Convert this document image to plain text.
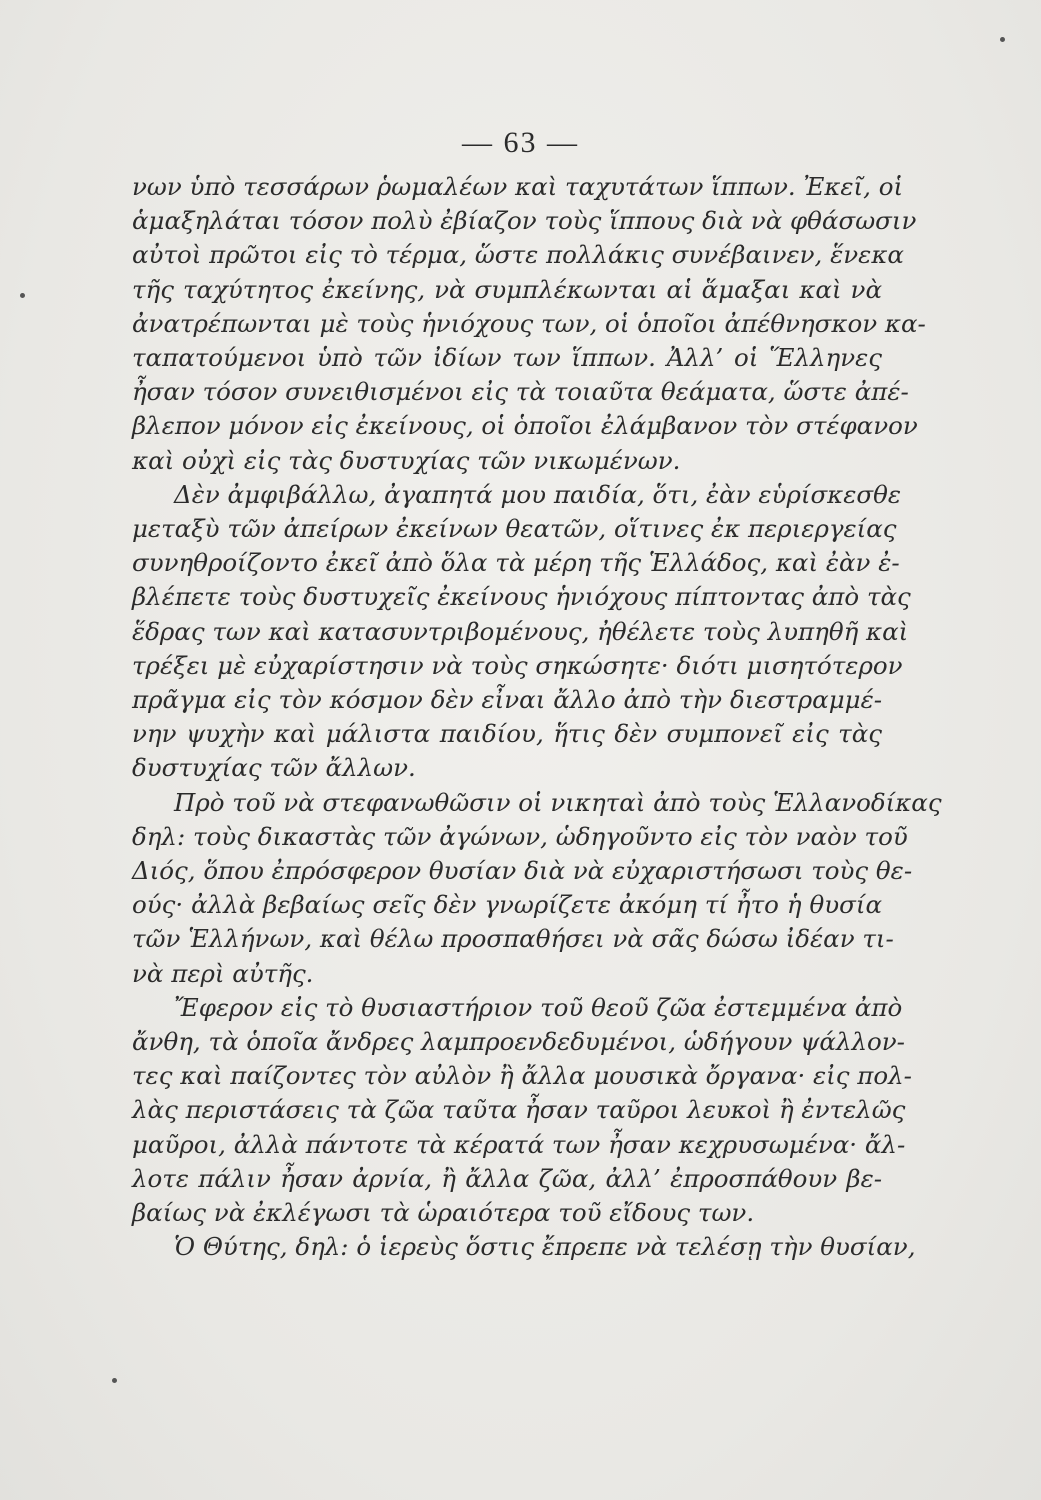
— 63 —
νων ὑπὸ τεσσάρων ῥωμαλέων καὶ ταχυτάτων ἵππων. Ἐκεῖ, οἱ
ἁμαξηλάται τόσον πολὺ ἐβίαζον τοὺς ἵππους διὰ νὰ φθάσωσιν
αὐτοὶ πρῶτοι εἰς τὸ τέρμα, ὥστε πολλάκις συνέβαινεν, ἕνεκα
τῆς ταχύτητος ἐκείνης, νὰ συμπλέκωνται αἱ ἅμαξαι καὶ νὰ
ἀνατρέπωνται μὲ τοὺς ἡνιόχους των, οἱ ὁποῖοι ἀπέθνησκον κα-
ταπατούμενοι ὑπὸ τῶν ἰδίων των ἵππων. Ἀλλ’ οἱ Ἕλληνες
ἦσαν τόσον συνειθισμένοι εἰς τὰ τοιαῦτα θεάματα, ὥστε ἀπέ-
βλεπον μόνον εἰς ἐκείνους, οἱ ὁποῖοι ἐλάμβανον τὸν στέφανον
καὶ οὐχὶ εἰς τὰς δυστυχίας τῶν νικωμένων.
Δὲν ἀμφιβάλλω, ἀγαπητά μου παιδία, ὅτι, ἐὰν εὑρίσκεσθε
μεταξὺ τῶν ἀπείρων ἐκείνων θεατῶν, οἵτινες ἐκ περιεργείας
συνηθροίζοντο ἐκεῖ ἀπὸ ὅλα τὰ μέρη τῆς Ἑλλάδος, καὶ ἐὰν ἐ-
βλέπετε τοὺς δυστυχεῖς ἐκείνους ἡνιόχους πίπτοντας ἀπὸ τὰς
ἕδρας των καὶ κατασυντριβομένους, ἠθέλετε τοὺς λυπηθῆ καὶ
τρέξει μὲ εὐχαρίστησιν νὰ τοὺς σηκώσητε· διότι μισητότερον
πρᾶγμα εἰς τὸν κόσμον δὲν εἶναι ἄλλο ἀπὸ τὴν διεστραμμέ-
νην ψυχὴν καὶ μάλιστα παιδίου, ἥτις δὲν συμπονεῖ εἰς τὰς
δυστυχίας τῶν ἄλλων.
Πρὸ τοῦ νὰ στεφανωθῶσιν οἱ νικηταὶ ἀπὸ τοὺς Ἑλλανοδίκας
δηλ: τοὺς δικαστὰς τῶν ἀγώνων, ὡδηγοῦντο εἰς τὸν ναὸν τοῦ
Διός, ὅπου ἐπρόσφερον θυσίαν διὰ νὰ εὐχαριστήσωσι τοὺς θε-
ούς· ἀλλὰ βεβαίως σεῖς δὲν γνωρίζετε ἀκόμη τί ἦτο ἡ θυσία
τῶν Ἑλλήνων, καὶ θέλω προσπαθήσει νὰ σᾶς δώσω ἰδέαν τι-
νὰ περὶ αὐτῆς.
Ἔφερον εἰς τὸ θυσιαστήριον τοῦ θεοῦ ζῶα ἐστεμμένα ἀπὸ
ἄνθη, τὰ ὁποῖα ἄνδρες λαμπροενδεδυμένοι, ὡδήγουν ψάλλον-
τες καὶ παίζοντες τὸν αὐλὸν ἢ ἄλλα μουσικὰ ὄργανα· εἰς πολ-
λὰς περιστάσεις τὰ ζῶα ταῦτα ἦσαν ταῦροι λευκοὶ ἢ ἐντελῶς
μαῦροι, ἀλλὰ πάντοτε τὰ κέρατά των ἦσαν κεχρυσωμένα· ἄλ-
λοτε πάλιν ἦσαν ἀρνία, ἢ ἄλλα ζῶα, ἀλλ’ ἐπροσπάθουν βε-
βαίως νὰ ἐκλέγωσι τὰ ὡραιότερα τοῦ εἴδους των.
Ὁ Θύτης, δηλ: ὁ ἱερεὺς ὅστις ἔπρεπε νὰ τελέσῃ τὴν θυσίαν,
